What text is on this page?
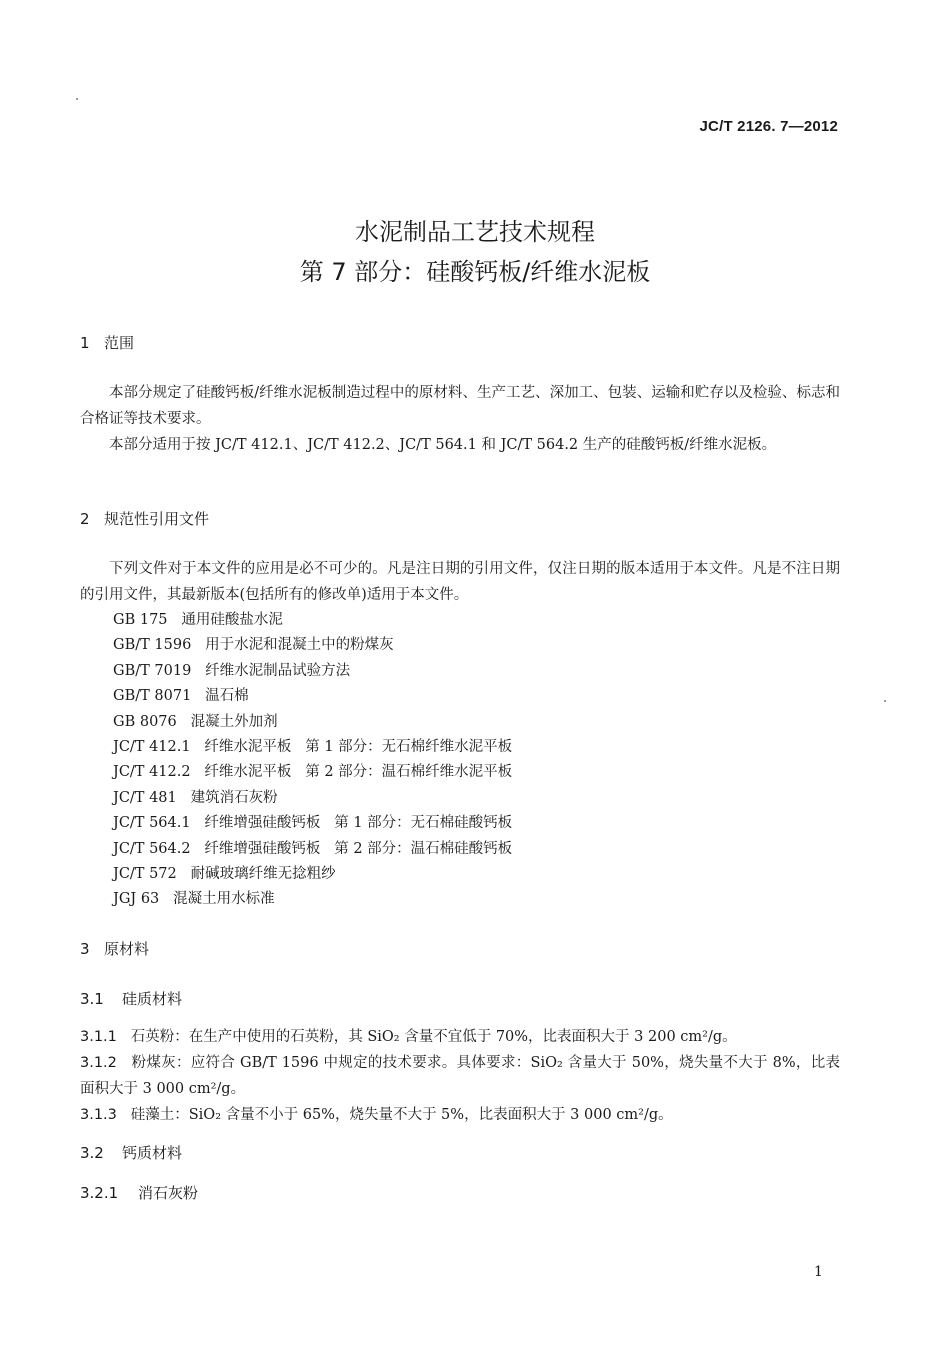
JC/T 2126. 7—2012
水泥制品工艺技术规程
第 7 部分：硅酸钙板/纤维水泥板
1 范围
本部分规定了硅酸钙板/纤维水泥板制造过程中的原材料、生产工艺、深加工、包装、运输和贮存以及检验、标志和合格证等技术要求。
本部分适用于按 JC/T 412.1、JC/T 412.2、JC/T 564.1 和 JC/T 564.2 生产的硅酸钙板/纤维水泥板。
2 规范性引用文件
下列文件对于本文件的应用是必不可少的。凡是注日期的引用文件，仅注日期的版本适用于本文件。凡是不注日期的引用文件，其最新版本(包括所有的修改单)适用于本文件。
GB 175   通用硅酸盐水泥
GB/T 1596   用于水泥和混凝土中的粉煤灰
GB/T 7019   纤维水泥制品试验方法
GB/T 8071   温石棉
GB 8076   混凝土外加剂
JC/T 412.1   纤维水泥平板   第 1 部分：无石棉纤维水泥平板
JC/T 412.2   纤维水泥平板   第 2 部分：温石棉纤维水泥平板
JC/T 481   建筑消石灰粉
JC/T 564.1   纤维增强硅酸钙板   第 1 部分：无石棉硅酸钙板
JC/T 564.2   纤维增强硅酸钙板   第 2 部分：温石棉硅酸钙板
JC/T 572   耐碱玻璃纤维无捻粗纱
JGJ 63   混凝土用水标准
3 原材料
3.1 硅质材料
3.1.1 石英粉：在生产中使用的石英粉，其 SiO₂ 含量不宜低于 70%，比表面积大于 3 200 cm²/g。
3.1.2 粉煤灰：应符合 GB/T 1596 中规定的技术要求。具体要求：SiO₂ 含量大于 50%，烧失量不大于 8%，比表面积大于 3 000 cm²/g。
3.1.3 硅藻土：SiO₂ 含量不小于 65%，烧失量不大于 5%，比表面积大于 3 000 cm²/g。
3.2 钙质材料
3.2.1 消石灰粉
1
